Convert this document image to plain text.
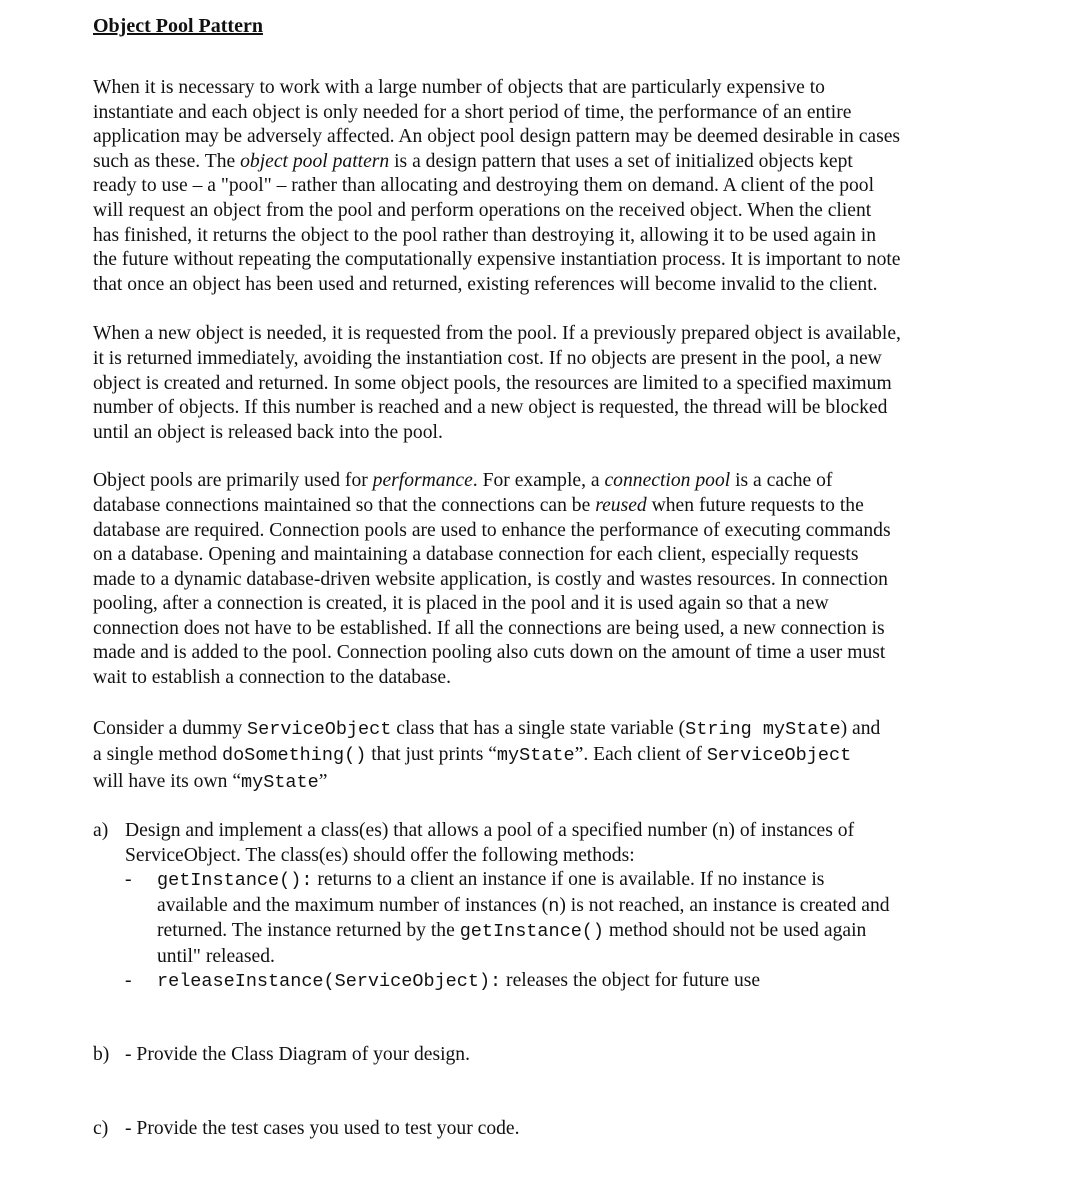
Object Pool Pattern
When it is necessary to work with a large number of objects that are particularly expensive to
instantiate and each object is only needed for a short period of time, the performance of an entire
application may be adversely affected. An object pool design pattern may be deemed desirable in cases
such as these. The object pool pattern is a design pattern that uses a set of initialized objects kept
ready to use – a "pool" – rather than allocating and destroying them on demand. A client of the pool
will request an object from the pool and perform operations on the received object. When the client
has finished, it returns the object to the pool rather than destroying it, allowing it to be used again in
the future without repeating the computationally expensive instantiation process. It is important to note
that once an object has been used and returned, existing references will become invalid to the client.
When a new object is needed, it is requested from the pool. If a previously prepared object is available,
it is returned immediately, avoiding the instantiation cost. If no objects are present in the pool, a new
object is created and returned. In some object pools, the resources are limited to a specified maximum
number of objects. If this number is reached and a new object is requested, the thread will be blocked
until an object is released back into the pool.
Object pools are primarily used for performance. For example, a connection pool is a cache of
database connections maintained so that the connections can be reused when future requests to the
database are required. Connection pools are used to enhance the performance of executing commands
on a database. Opening and maintaining a database connection for each client, especially requests
made to a dynamic database-driven website application, is costly and wastes resources. In connection
pooling, after a connection is created, it is placed in the pool and it is used again so that a new
connection does not have to be established. If all the connections are being used, a new connection is
made and is added to the pool. Connection pooling also cuts down on the amount of time a user must
wait to establish a connection to the database.
Consider a dummy ServiceObject class that has a single state variable (String myState) and
a single method doSomething() that just prints “myState”. Each client of ServiceObject
will have its own “myState”
a) Design and implement a class(es) that allows a pool of a specified number (n) of instances of
ServiceObject. The class(es) should offer the following methods:
- getInstance(): returns to a client an instance if one is available. If no instance is
available and the maximum number of instances (n) is not reached, an instance is created and
returned. The instance returned by the getInstance() method should not be used again
until" released.
- releaseInstance(ServiceObject): releases the object for future use
b) - Provide the Class Diagram of your design.
c) - Provide the test cases you used to test your code.
